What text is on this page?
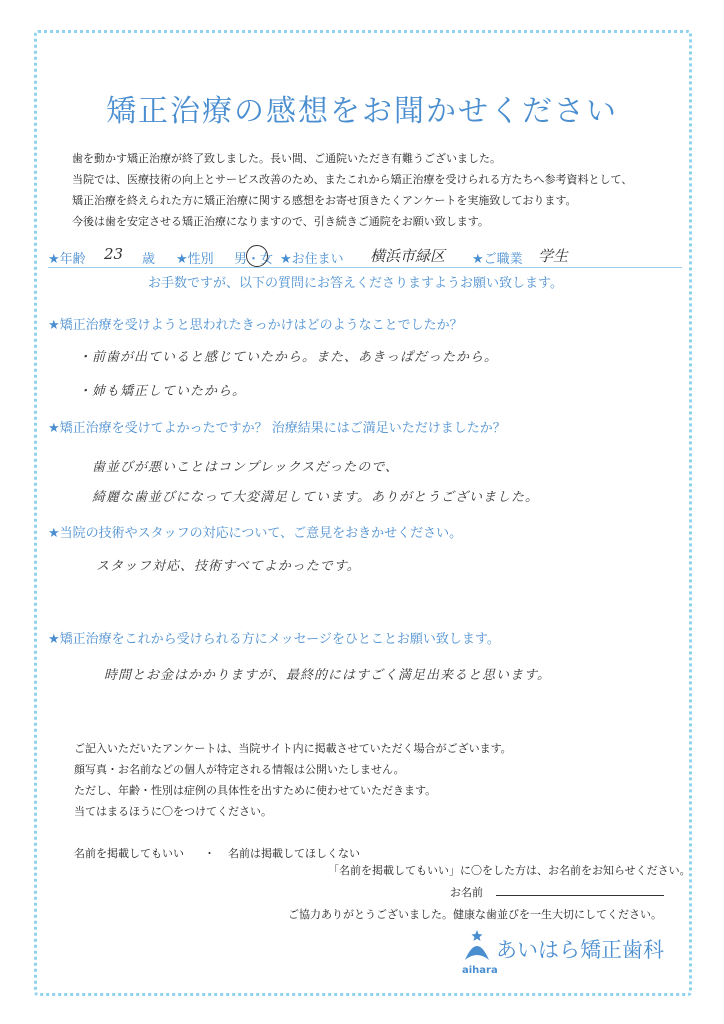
矯正治療の感想をお聞かせください

歯を動かす矯正治療が終了致しました。長い間、ご通院いただき有難うございました。

当院では、医療技術の向上とサービス改善のため、またこれから矯正治療を受けられる方たちへ参考資料として、

矯正治療を終えられた方に矯正治療に関する感想をお寄せ頂きたくアンケートを実施致しております。

今後は歯を安定させる矯正治療になりますので、引き続きご通院をお願い致します。

★年齢 23 歳 ★性別 男・女 ★お住まい 横浜市緑区 ★ご職業 学生
お手数ですが、以下の質問にお答えくださりますようお願い致します。
★矯正治療を受けようと思われたきっかけはどのようなことでしたか？
・前歯が出ていると感じていたから。また、あきっぱだったから。
・姉も矯正していたから。
★矯正治療を受けてよかったですか？ 治療結果にはご満足いただけましたか？
歯並びが悪いことはコンプレックスだったので、
綺麗な歯並びになって大変満足しています。ありがとうございました。
★当院の技術やスタッフの対応について、ご意見をおきかせください。
スタッフ対応、技術すべてよかったです。
★矯正治療をこれから受けられる方にメッセージをひとことお願い致します。
時間とお金はかかりますが、最終的にはすごく満足出来ると思います。

ご記入いただいたアンケートは、当院サイト内に掲載させていただく場合がございます。

顔写真・お名前などの個人が特定される情報は公開いたしません。

ただし、年齢・性別は症例の具体性を出すために使わせていただきます。

当てはまるほうに〇をつけてください。

名前を掲載してもいい ・ 名前は掲載してほしくない
「名前を掲載してもいい」に〇をした方は、お名前をお知らせください。
お名前
ご協力ありがとうございました。健康な歯並びを一生大切にしてください。
aihara
あいはら矯正歯科
